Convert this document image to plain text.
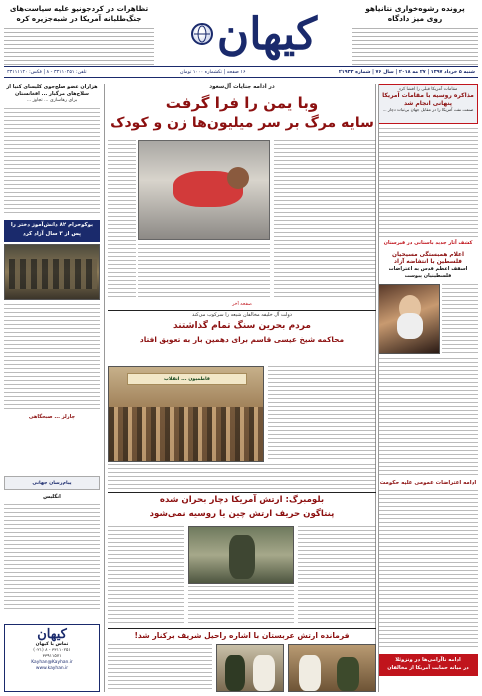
تظاهرات در کردجونیو علیه سیاست‌های
جنگ‌طلبانه آمریکا در شبه‌جزیره کره
پرونده رشوه‌خواری نتانیاهو
روی میز دادگاه
کیهان
شنبه ۵ خرداد ۱۳۹۷ | ۲۷ مه ۲۰۱۸ | سال ۷۶ | شماره ۲۱۹۴۳
۱۶ صفحه | تکشماره ۱۰۰۰ تومان
تلفن: ۳۳۱۱۰۲۵۱ - ۸ | فکس: ۳۳۱۱۱۱۲۰
مقامات آمریکا قبلی را افشا کرد
مذاکره روسیه با مقامات آمریکا پنهانی انجام شد
صنعت نفت آمریکا را در مقابل جهان بی‌ثبات دچار ...
کشف آثار جدید باستانی در قبرستان
اعلام همبستگی مسیحیان فلسطین با انتفاضه آزاد
اسقف اعظم قدس به اعتراضات فلسطینیان پیوست
ادامه اعتراضات عمومی علیه حکومت
ادامه ناآرامی‌ها در ونزوئلا
در میانه حمایت آمریکا از مخالفان
هزاران عضو صلح‌جوی کلیسای کنیا از
سلاح‌های مرگبار ... افغانستان
برای رهاسازی ... تجاوز ...
بوکوحرام ۸۲ دانش‌آموز دختر را
پس از ۳ سال آزاد کرد
چارلز ... صبحگاهی
پیام‌رسان جهانی
انگلیس
کیهان
تماس با کیهان
۳۳۱۱۰۲۵۱ - ۸ (۰۲۱)
۳۳۹۱۱۵۷۱
Kayhan@Kayhan.ir
www.kayhan.ir
در ادامه جنایات آل‌سعود
وبا یمن را فرا گرفت
سایه مرگ بر سر میلیون‌ها زن و کودک
صفحه آخر
دولت آل خلیفه مخالفان شیعه را سرکوب می‌کند
مردم بحرین سنگ تمام گذاشتند
محاکمه شیخ عیسی قاسم برای دهمین بار به تعویق افتاد
فاطمیون ... انقلاب
بلومبرگ: ارتش آمریکا دچار بحران شده
پنتاگون حریف ارتش چین یا روسیه نمی‌شود
فرمانده ارتش عربستان با اشاره راحیل شریف برکنار شد!
